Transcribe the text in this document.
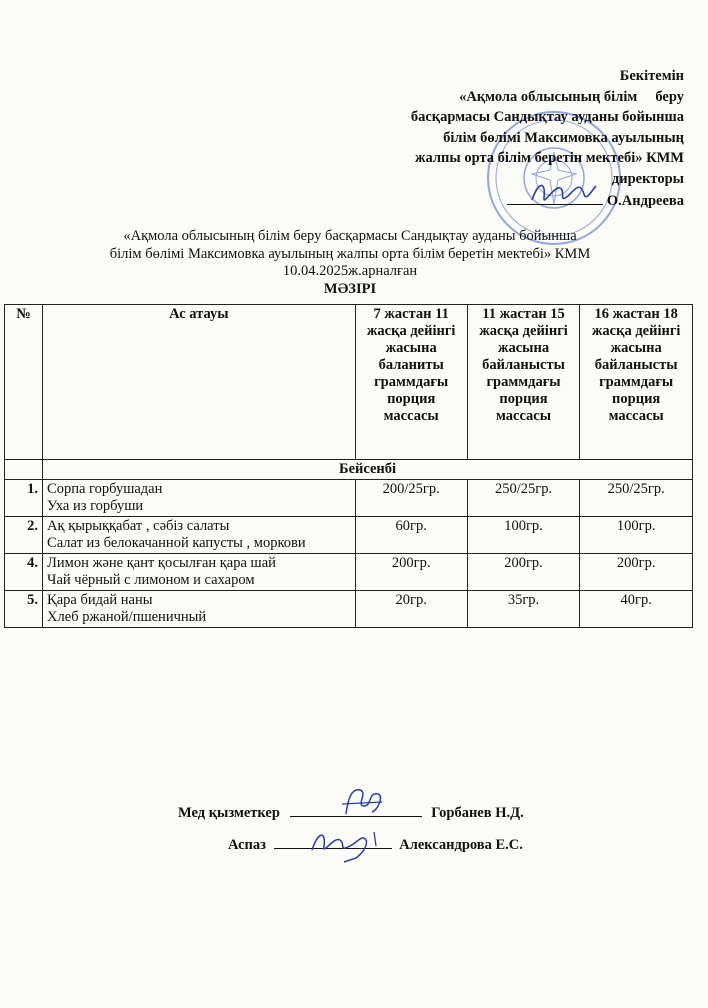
Бекітемін
«Ақмола облысының білім     беру
басқармасы Сандықтау ауданы бойынша
білім бөлімі Максимовка ауылының
жалпы орта білім беретін мектебі» КММ
директоры
О.Андреева
«Ақмола облысының білім беру басқармасы Сандықтау ауданы бойынша
білім бөлімі Максимовка ауылының жалпы орта білім беретін мектебі» КММ
10.04.2025ж.арналған
МӘЗІРІ
№	Ас атауы	7 жастан 11 жасқа дейінгі жасына баланиты граммдағы порция массасы	11 жастан 15 жасқа дейінгі жасына байланысты граммдағы порция массасы	16 жастан 18 жасқа дейінгі жасына байланысты граммдағы порция массасы
	Бейсенбі			
1.	Сорпа горбушадан
Уха из горбуши	200/25гр.	250/25гр.	250/25гр.
2.	Ақ қырыққабат , сәбіз салаты
Салат из белокачанной капусты , моркови	60гр.	100гр.	100гр.
4.	Лимон және қант қосылған қара шай
Чай чёрный с лимоном и сахаром	200гр.	200гр.	200гр.
5.	Қара бидай наны
Хлеб ржаной/пшеничный	20гр.	35гр.	40гр.
Мед қызметкер	Горбанев Н.Д.
Аспаз	Александрова Е.С.
